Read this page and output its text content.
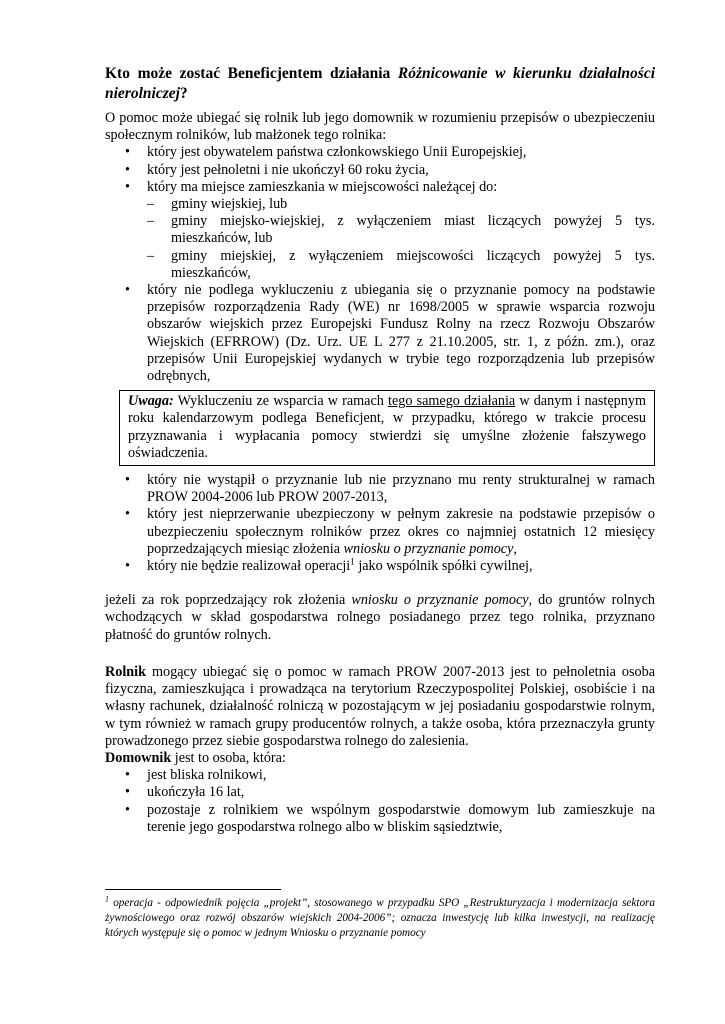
Kto może zostać Beneficjentem działania Różnicowanie w kierunku działalności nierolniczej?

O pomoc może ubiegać się rolnik lub jego domownik w rozumieniu przepisów o ubezpieczeniu społecznym rolników, lub małżonek tego rolnika:

• który jest obywatelem państwa członkowskiego Unii Europejskiej,
• który jest pełnoletni i nie ukończył 60 roku życia,
• który ma miejsce zamieszkania w miejscowości należącej do:
– gminy wiejskiej, lub
– gminy miejsko-wiejskiej, z wyłączeniem miast liczących powyżej 5 tys. mieszkańców, lub
– gminy miejskiej, z wyłączeniem miejscowości liczących powyżej 5 tys. mieszkańców,
• który nie podlega wykluczeniu z ubiegania się o przyznanie pomocy na podstawie przepisów rozporządzenia Rady (WE) nr 1698/2005 w sprawie wsparcia rozwoju obszarów wiejskich przez Europejski Fundusz Rolny na rzecz Rozwoju Obszarów Wiejskich (EFRROW) (Dz. Urz. UE L 277 z 21.10.2005, str. 1, z późn. zm.), oraz przepisów Unii Europejskiej wydanych w trybie tego rozporządzenia lub przepisów odrębnych,
Uwaga: Wykluczeniu ze wsparcia w ramach tego samego działania w danym i następnym roku kalendarzowym podlega Beneficjent, w przypadku, którego w trakcie procesu przyznawania i wypłacania pomocy stwierdzi się umyślne złożenie fałszywego oświadczenia.
• który nie wystąpił o przyznanie lub nie przyznano mu renty strukturalnej w ramach PROW 2004-2006 lub PROW 2007-2013,
• który jest nieprzerwanie ubezpieczony w pełnym zakresie na podstawie przepisów o ubezpieczeniu społecznym rolników przez okres co najmniej ostatnich 12 miesięcy poprzedzających miesiąc złożenia wniosku o przyznanie pomocy,
• który nie będzie realizował operacji$^1$ jako wspólnik spółki cywilnej,

jeżeli za rok poprzedzający rok złożenia wniosku o przyznanie pomocy, do gruntów rolnych wchodzących w skład gospodarstwa rolnego posiadanego przez tego rolnika, przyznano płatność do gruntów rolnych.

Rolnik mogący ubiegać się o pomoc w ramach PROW 2007-2013 jest to pełnoletnia osoba fizyczna, zamieszkująca i prowadząca na terytorium Rzeczypospolitej Polskiej, osobiście i na własny rachunek, działalność rolniczą w pozostającym w jej posiadaniu gospodarstwie rolnym, w tym również w ramach grupy producentów rolnych, a także osoba, która przeznaczyła grunty prowadzonego przez siebie gospodarstwa rolnego do zalesienia.

Domownik jest to osoba, która:

• jest bliska rolnikowi,
• ukończyła 16 lat,
• pozostaje z rolnikiem we wspólnym gospodarstwie domowym lub zamieszkuje na terenie jego gospodarstwa rolnego albo w bliskim sąsiedztwie,
$^1$ operacja - odpowiednik pojęcia „projekt”, stosowanego w przypadku SPO „Restrukturyzacja i modernizacja sektora żywnościowego oraz rozwój obszarów wiejskich 2004-2006”; oznacza inwestycję lub kilka inwestycji, na realizację których występuje się o pomoc w jednym Wniosku o przyznanie pomocy
